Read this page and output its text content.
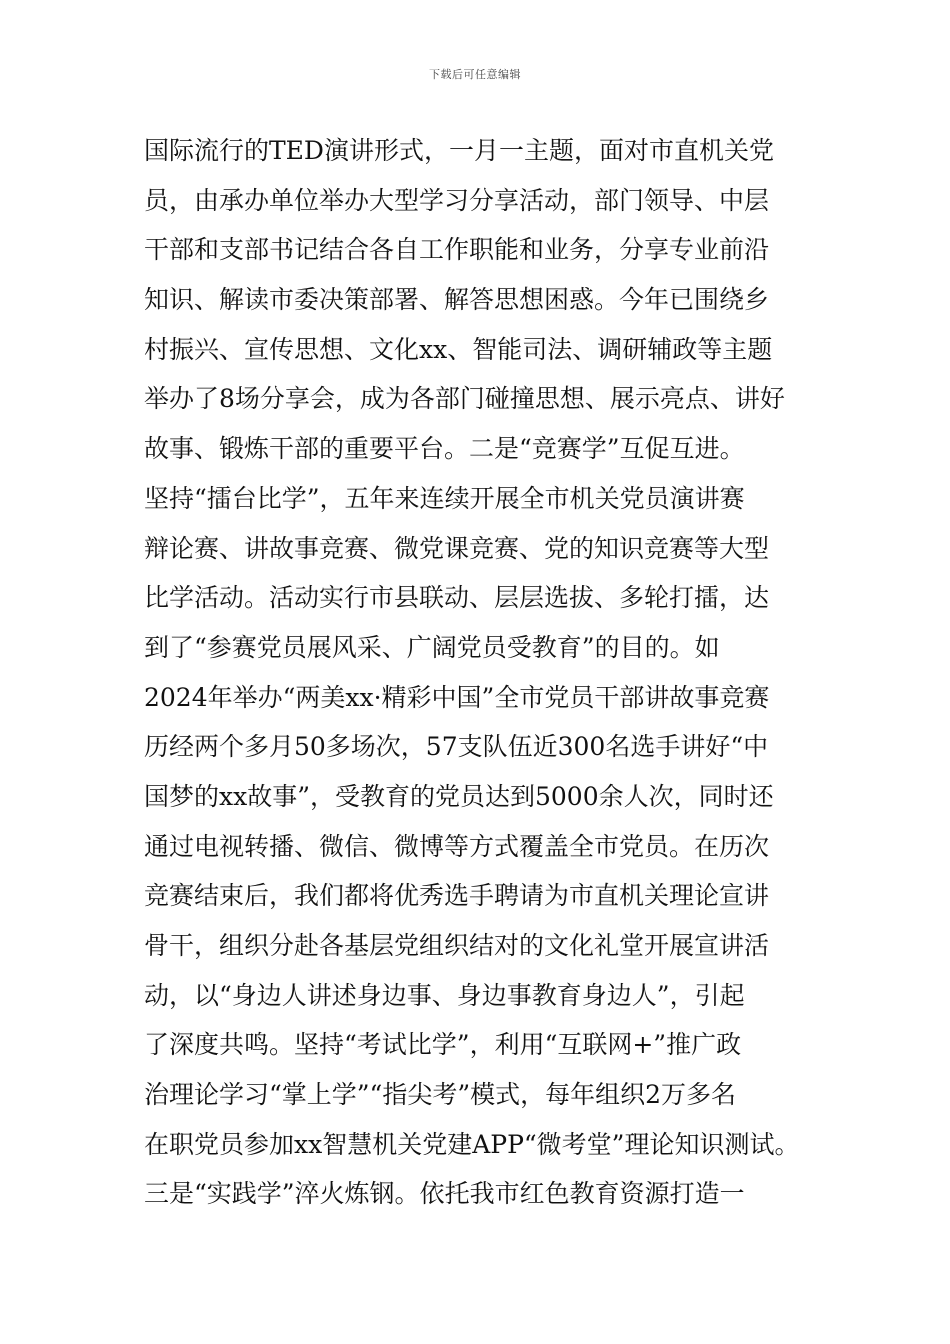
下载后可任意编辑
国际流行的TED演讲形式，一月一主题，面对市直机关党
员，由承办单位举办大型学习分享活动，部门领导、中层
干部和支部书记结合各自工作职能和业务，分享专业前沿
知识、解读市委决策部署、解答思想困惑。今年已围绕乡
村振兴、宣传思想、文化xx、智能司法、调研辅政等主题
举办了8场分享会，成为各部门碰撞思想、展示亮点、讲好
故事、锻炼干部的重要平台。二是“竞赛学”互促互进。
坚持“擂台比学”，五年来连续开展全市机关党员演讲赛
辩论赛、讲故事竞赛、微党课竞赛、党的知识竞赛等大型
比学活动。活动实行市县联动、层层选拔、多轮打擂，达
到了“参赛党员展风采、广阔党员受教育”的目的。如
2024年举办“两美xx·精彩中国”全市党员干部讲故事竞赛
历经两个多月50多场次，57支队伍近300名选手讲好“中
国梦的xx故事”，受教育的党员达到5000余人次，同时还
通过电视转播、微信、微博等方式覆盖全市党员。在历次
竞赛结束后，我们都将优秀选手聘请为市直机关理论宣讲
骨干，组织分赴各基层党组织结对的文化礼堂开展宣讲活
动，以“身边人讲述身边事、身边事教育身边人”，引起
了深度共鸣。坚持“考试比学”，利用“互联网+”推广政
治理论学习“掌上学”“指尖考”模式，每年组织2万多名
在职党员参加xx智慧机关党建APP“微考堂”理论知识测试。
三是“实践学”淬火炼钢。依托我市红色教育资源打造一
